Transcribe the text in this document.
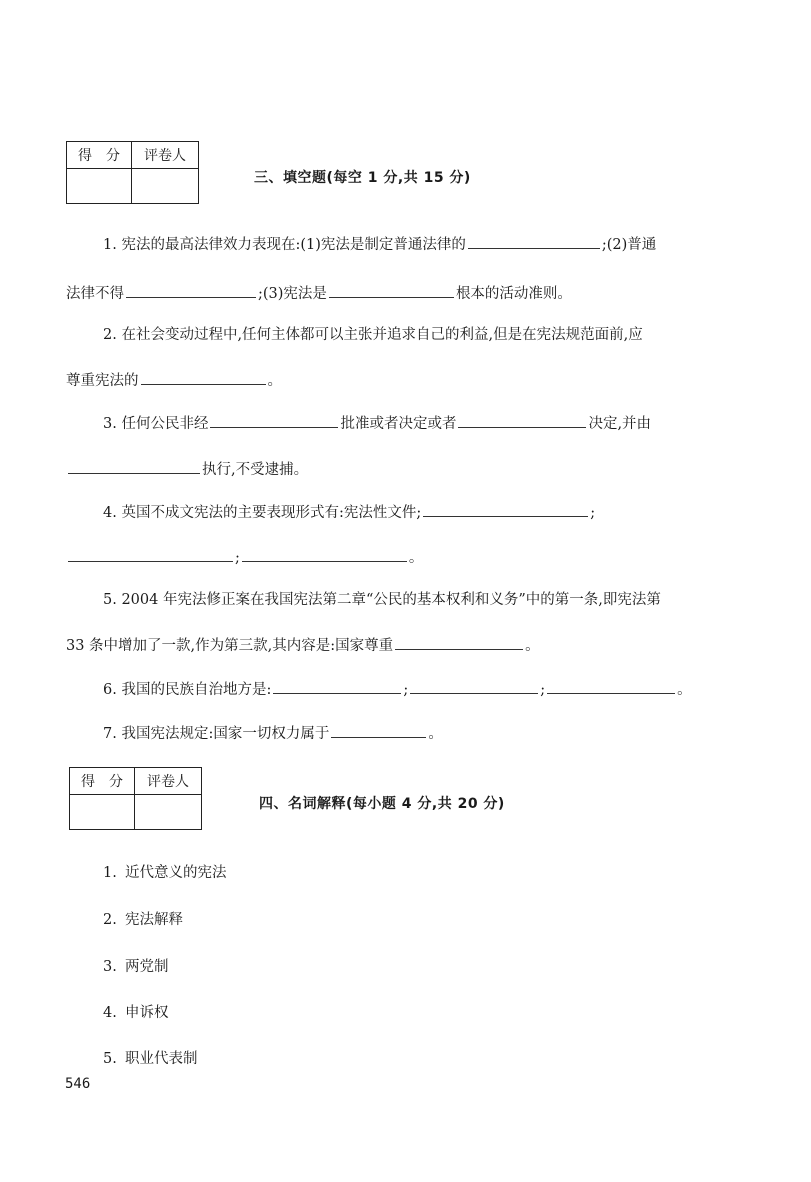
得　分	评卷人

三、填空题(每空 1 分,共 15 分)
1. 宪法的最高法律效力表现在:(1)宪法是制定普通法律的	;(2)普通
法律不得	;(3)宪法是	根本的活动准则。
2. 在社会变动过程中,任何主体都可以主张并追求自己的利益,但是在宪法规范面前,应
尊重宪法的	。
3. 任何公民非经	批准或者决定或者	决定,并由
执行,不受逮捕。
4. 英国不成文宪法的主要表现形式有:宪法性文件;	;
;	。
5. 2004 年宪法修正案在我国宪法第二章“公民的基本权利和义务”中的第一条,即宪法第
33 条中增加了一款,作为第三款,其内容是:国家尊重	。
6. 我国的民族自治地方是:	;	;	。
7. 我国宪法规定:国家一切权力属于	。
得　分	评卷人

四、名词解释(每小题 4 分,共 20 分)
1. 近代意义的宪法
2. 宪法解释
3. 两党制
4. 申诉权
5. 职业代表制
546
